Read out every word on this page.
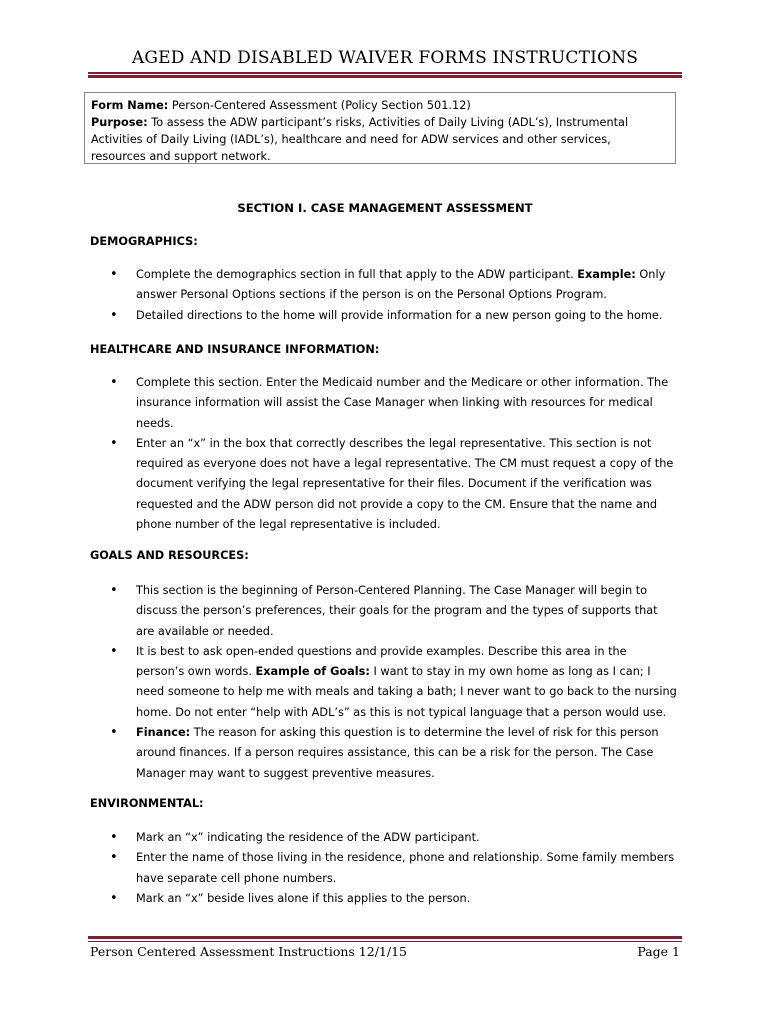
AGED AND DISABLED WAIVER FORMS INSTRUCTIONS
Form Name: Person-Centered Assessment (Policy Section 501.12)
Purpose: To assess the ADW participant’s risks, Activities of Daily Living (ADL’s), Instrumental Activities of Daily Living (IADL’s), healthcare and need for ADW services and other services, resources and support network.
SECTION I. CASE MANAGEMENT ASSESSMENT
DEMOGRAPHICS:
• Complete the demographics section in full that apply to the ADW participant. Example: Only answer Personal Options sections if the person is on the Personal Options Program.
• Detailed directions to the home will provide information for a new person going to the home.
HEALTHCARE AND INSURANCE INFORMATION:
• Complete this section. Enter the Medicaid number and the Medicare or other information. The insurance information will assist the Case Manager when linking with resources for medical needs.
• Enter an “x” in the box that correctly describes the legal representative. This section is not required as everyone does not have a legal representative. The CM must request a copy of the document verifying the legal representative for their files. Document if the verification was requested and the ADW person did not provide a copy to the CM. Ensure that the name and phone number of the legal representative is included.
GOALS AND RESOURCES:
• This section is the beginning of Person-Centered Planning. The Case Manager will begin to discuss the person’s preferences, their goals for the program and the types of supports that are available or needed.
• It is best to ask open-ended questions and provide examples. Describe this area in the person’s own words. Example of Goals: I want to stay in my own home as long as I can; I need someone to help me with meals and taking a bath; I never want to go back to the nursing home. Do not enter “help with ADL’s” as this is not typical language that a person would use.
• Finance: The reason for asking this question is to determine the level of risk for this person around finances. If a person requires assistance, this can be a risk for the person. The Case Manager may want to suggest preventive measures.
ENVIRONMENTAL:
• Mark an “x” indicating the residence of the ADW participant.
• Enter the name of those living in the residence, phone and relationship. Some family members have separate cell phone numbers.
• Mark an “x” beside lives alone if this applies to the person.
Person Centered Assessment Instructions 12/1/15	Page 1
